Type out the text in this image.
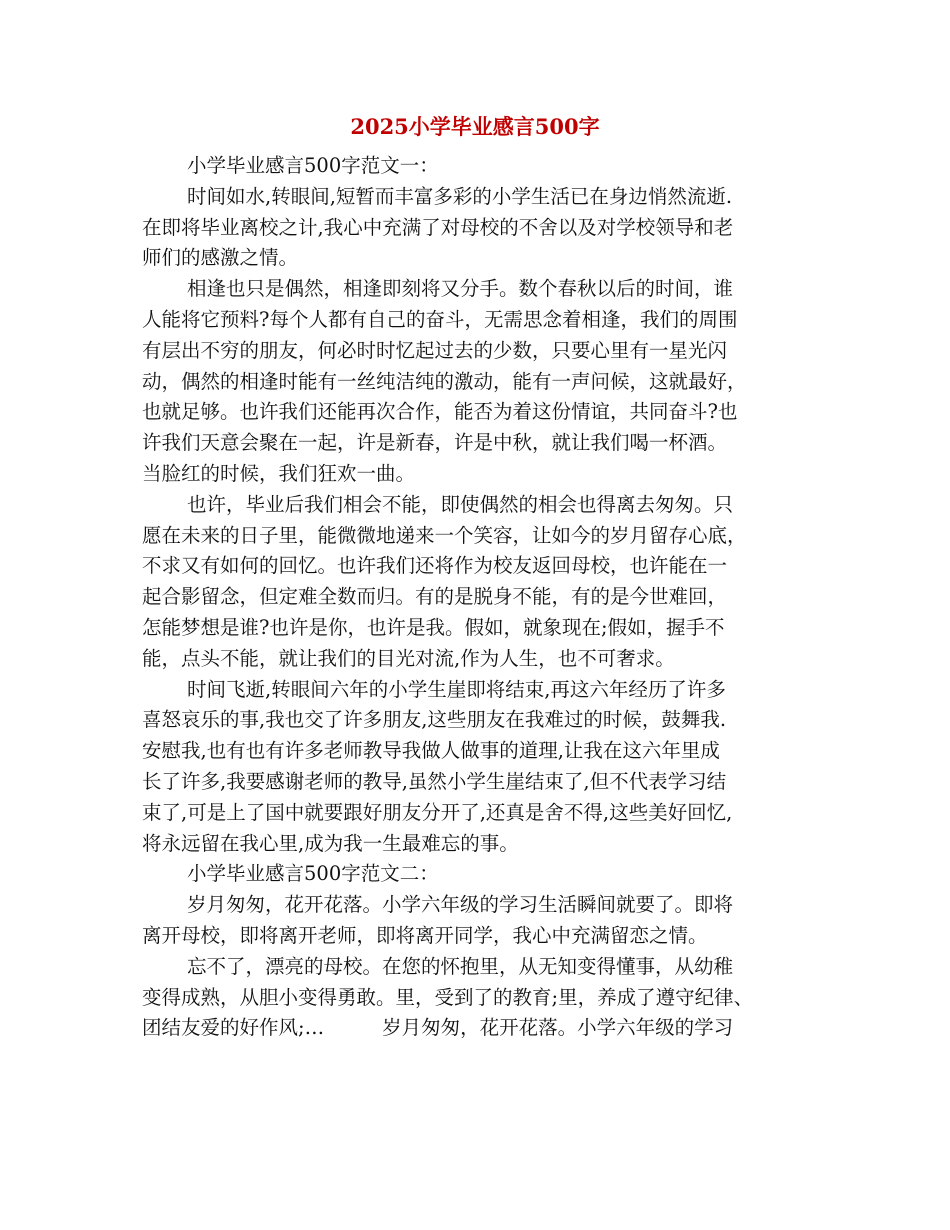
2025小学毕业感言500字
小学毕业感言500字范文一：
时间如水,转眼间,短暂而丰富多彩的小学生活已在身边悄然流逝.
在即将毕业离校之计,我心中充满了对母校的不舍以及对学校领导和老
师们的感激之情。
相逢也只是偶然，相逢即刻将又分手。数个春秋以后的时间，谁
人能将它预料?每个人都有自己的奋斗，无需思念着相逢，我们的周围
有层出不穷的朋友，何必时时忆起过去的少数，只要心里有一星光闪
动，偶然的相逢时能有一丝纯洁纯的激动，能有一声问候，这就最好，
也就足够。也许我们还能再次合作，能否为着这份情谊，共同奋斗?也
许我们天意会聚在一起，许是新春，许是中秋，就让我们喝一杯酒。
当脸红的时候，我们狂欢一曲。
也许，毕业后我们相会不能，即使偶然的相会也得离去匆匆。只
愿在未来的日子里，能微微地递来一个笑容，让如今的岁月留存心底，
不求又有如何的回忆。也许我们还将作为校友返回母校，也许能在一
起合影留念，但定难全数而归。有的是脱身不能，有的是今世难回，
怎能梦想是谁?也许是你，也许是我。假如，就象现在;假如，握手不
能，点头不能，就让我们的目光对流,作为人生，也不可奢求。
时间飞逝,转眼间六年的小学生崖即将结束,再这六年经历了许多
喜怒哀乐的事,我也交了许多朋友,这些朋友在我难过的时候，鼓舞我.
安慰我,也有也有许多老师教导我做人做事的道理,让我在这六年里成
长了许多,我要感谢老师的教导,虽然小学生崖结束了,但不代表学习结
束了,可是上了国中就要跟好朋友分开了,还真是舍不得,这些美好回忆,
将永远留在我心里,成为我一生最难忘的事。
小学毕业感言500字范文二：
岁月匆匆，花开花落。小学六年级的学习生活瞬间就要了。即将
离开母校，即将离开老师，即将离开同学，我心中充满留恋之情。
忘不了，漂亮的母校。在您的怀抱里，从无知变得懂事，从幼稚
变得成熟，从胆小变得勇敢。里，受到了的教育;里，养成了遵守纪律、
团结友爱的好作风;…	岁月匆匆，花开花落。小学六年级的学习
